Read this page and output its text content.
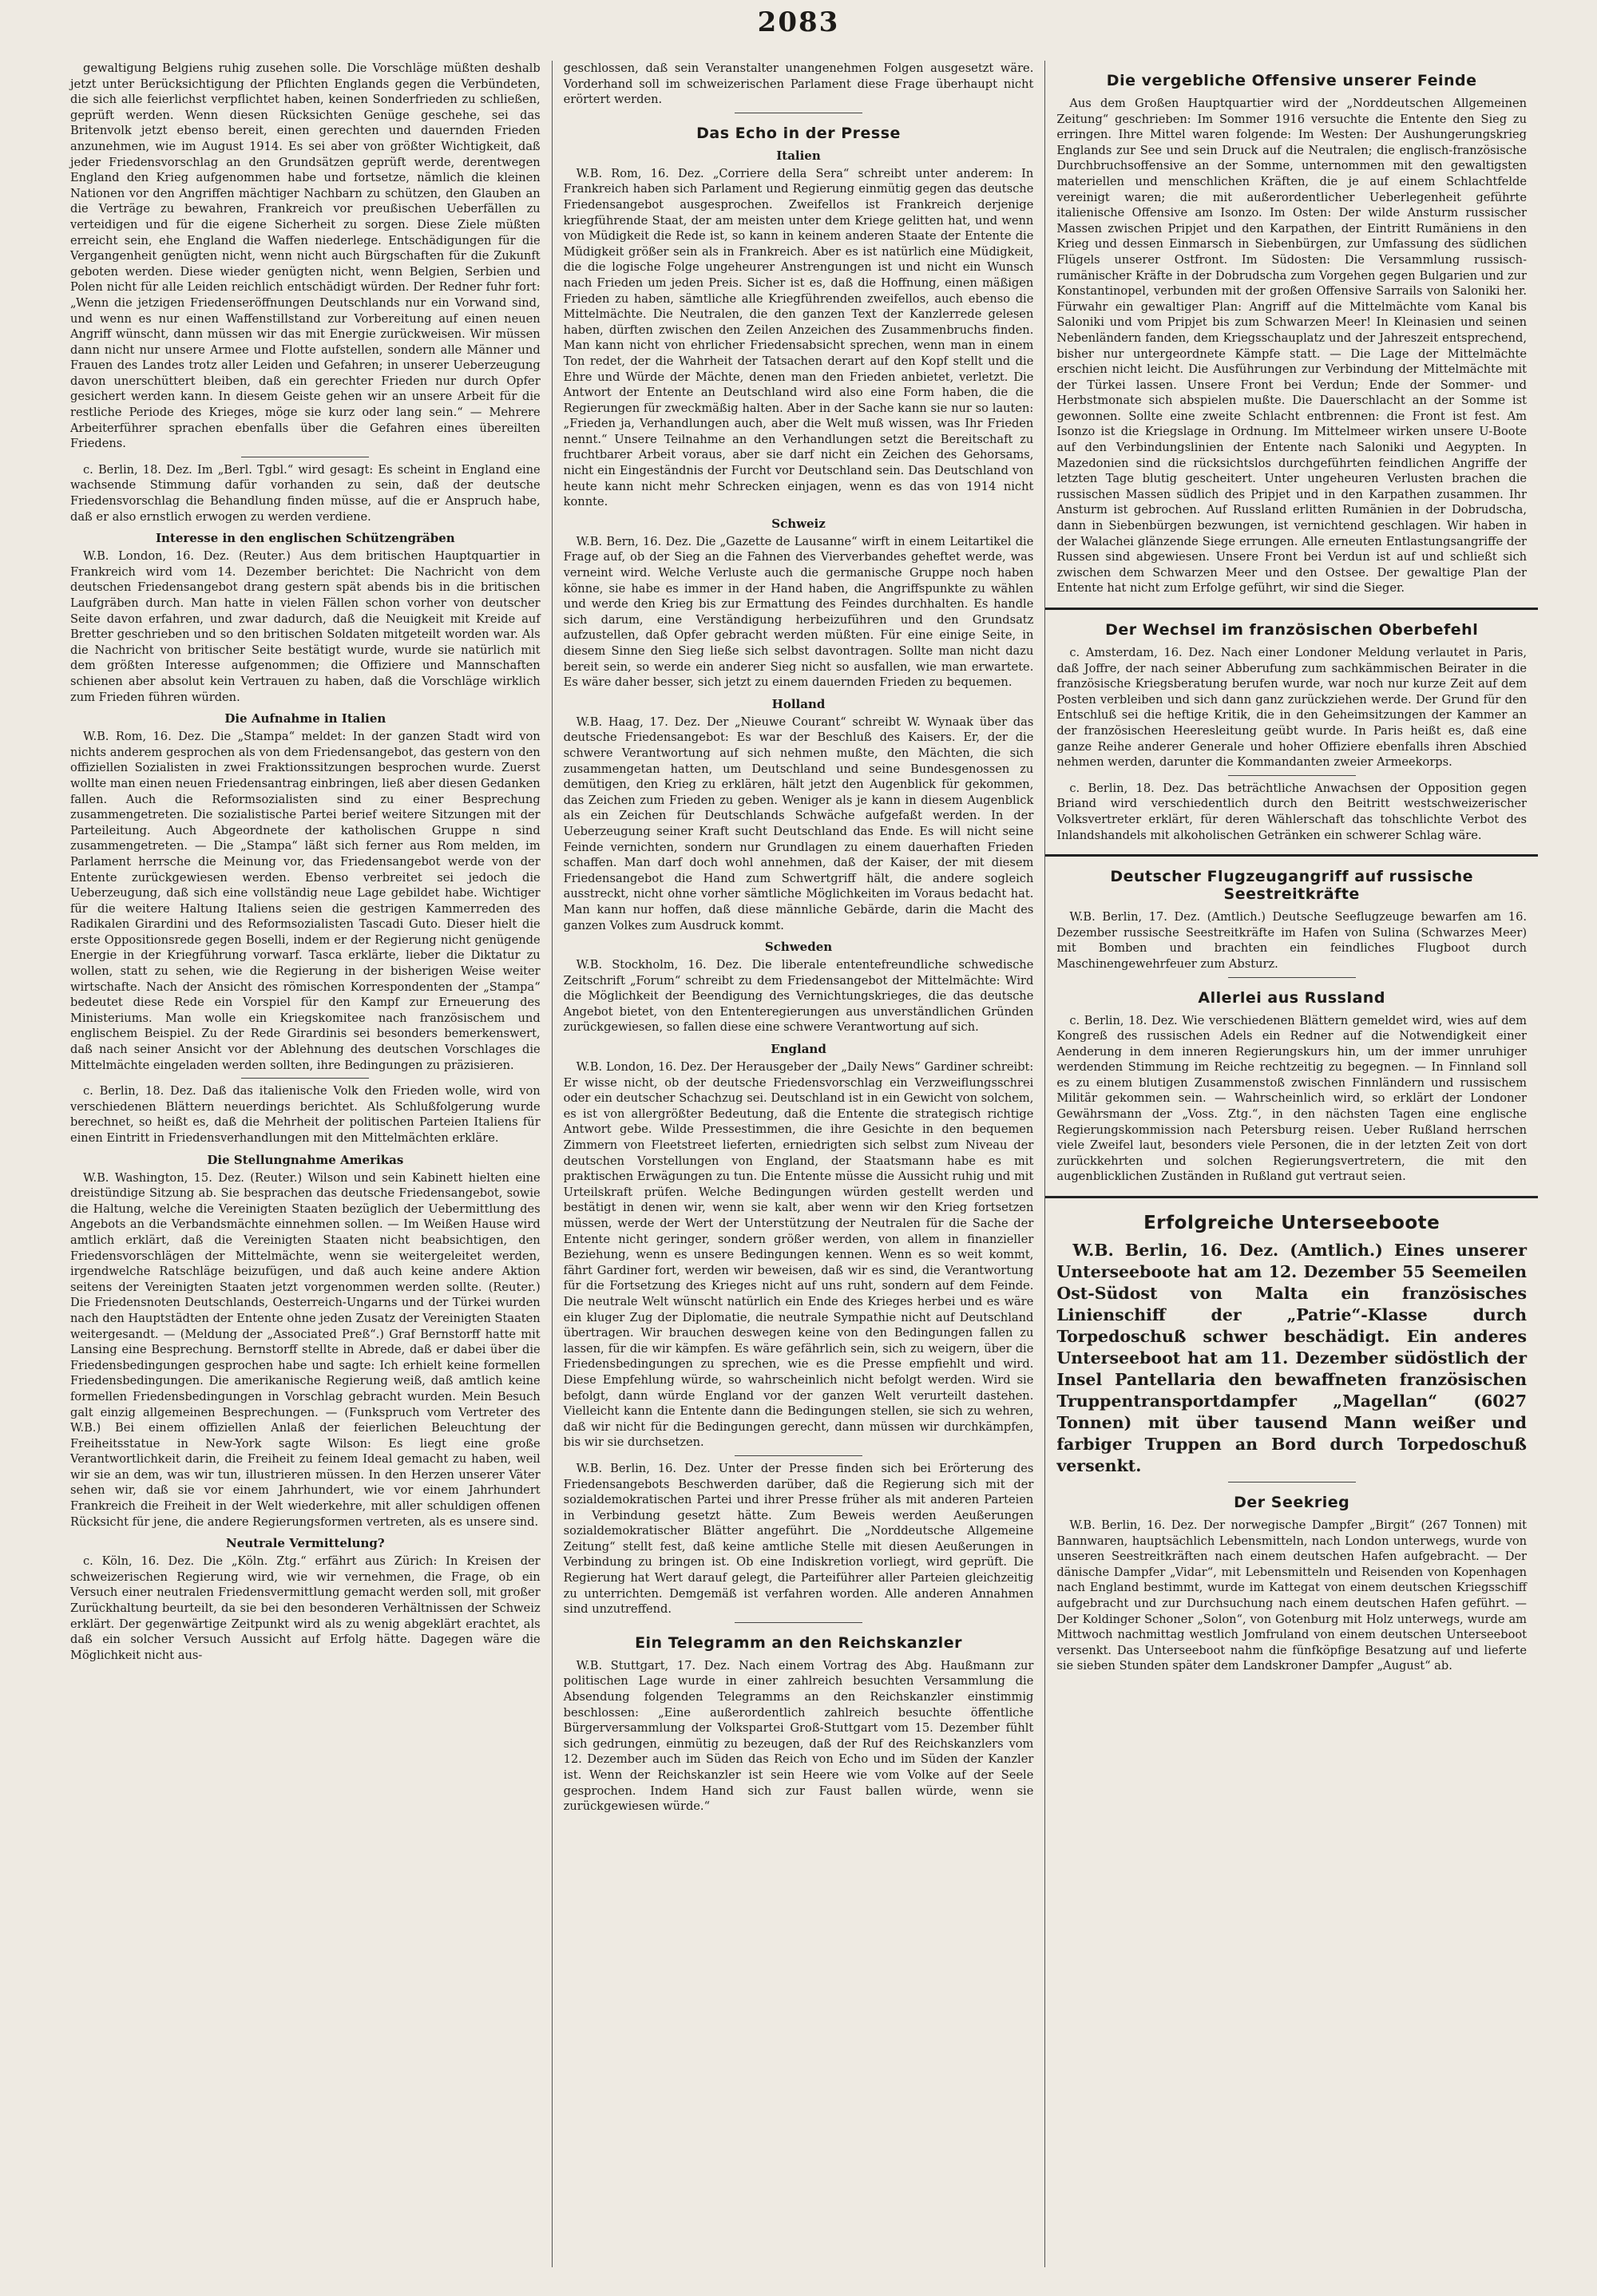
2083

gewaltigung Belgiens ruhig zusehen solle. Die Vorschläge müßten deshalb jetzt unter Berücksichtigung der Pflichten Englands gegen die Verbündeten, die sich alle feierlichst verpflichtet haben, keinen Sonderfrieden zu schließen, geprüft werden. Wenn diesen Rücksichten Genüge geschehe, sei das Britenvolk jetzt ebenso bereit, einen gerechten und dauernden Frieden anzunehmen, wie im August 1914. Es sei aber von größter Wichtigkeit, daß jeder Friedensvorschlag an den Grundsätzen geprüft werde, derentwegen England den Krieg aufgenommen habe und fortsetze, nämlich die kleinen Nationen vor den Angriffen mächtiger Nachbarn zu schützen, den Glauben an die Verträge zu bewahren, Frankreich vor preußischen Ueberfällen zu verteidigen und für die eigene Sicherheit zu sorgen. Diese Ziele müßten erreicht sein, ehe England die Waffen niederlege. Entschädigungen für die Vergangenheit genügten nicht, wenn nicht auch Bürgschaften für die Zukunft geboten werden. Diese wieder genügten nicht, wenn Belgien, Serbien und Polen nicht für alle Leiden reichlich entschädigt würden. Der Redner fuhr fort: „Wenn die jetzigen Friedenseröffnungen Deutschlands nur ein Vorwand sind, und wenn es nur einen Waffenstillstand zur Vorbereitung auf einen neuen Angriff wünscht, dann müssen wir das mit Energie zurückweisen. Wir müssen dann nicht nur unsere Armee und Flotte aufstellen, sondern alle Männer und Frauen des Landes trotz aller Leiden und Gefahren; in unserer Ueberzeugung davon unerschüttert bleiben, daß ein gerechter Frieden nur durch Opfer gesichert werden kann. In diesem Geiste gehen wir an unsere Arbeit für die restliche Periode des Krieges, möge sie kurz oder lang sein.“ — Mehrere Arbeiterführer sprachen ebenfalls über die Gefahren eines übereilten Friedens.

c. Berlin, 18. Dez. Im „Berl. Tgbl.“ wird gesagt: Es scheint in England eine wachsende Stimmung dafür vorhanden zu sein, daß der deutsche Friedensvorschlag die Behandlung finden müsse, auf die er Anspruch habe, daß er also ernstlich erwogen zu werden verdiene.

Interesse in den englischen Schützengräben

W.B. London, 16. Dez. (Reuter.) Aus dem britischen Hauptquartier in Frankreich wird vom 14. Dezember berichtet: Die Nachricht von dem deutschen Friedensangebot drang gestern spät abends bis in die britischen Laufgräben durch. Man hatte in vielen Fällen schon vorher von deutscher Seite davon erfahren, und zwar dadurch, daß die Neuigkeit mit Kreide auf Bretter geschrieben und so den britischen Soldaten mitgeteilt worden war. Als die Nachricht von britischer Seite bestätigt wurde, wurde sie natürlich mit dem größten Interesse aufgenommen; die Offiziere und Mannschaften schienen aber absolut kein Vertrauen zu haben, daß die Vorschläge wirklich zum Frieden führen würden.

Die Aufnahme in Italien

W.B. Rom, 16. Dez. Die „Stampa“ meldet: In der ganzen Stadt wird von nichts anderem gesprochen als von dem Friedensangebot, das gestern von den offiziellen Sozialisten in zwei Fraktionssitzungen besprochen wurde. Zuerst wollte man einen neuen Friedensantrag einbringen, ließ aber diesen Gedanken fallen. Auch die Reformsozialisten sind zu einer Besprechung zusammengetreten. Die sozialistische Partei berief weitere Sitzungen mit der Parteileitung. Auch Abgeordnete der katholischen Gruppe n sind zusammengetreten. — Die „Stampa“ läßt sich ferner aus Rom melden, im Parlament herrsche die Meinung vor, das Friedensangebot werde von der Entente zurückgewiesen werden. Ebenso verbreitet sei jedoch die Ueberzeugung, daß sich eine vollständig neue Lage gebildet habe. Wichtiger für die weitere Haltung Italiens seien die gestrigen Kammerreden des Radikalen Girardini und des Reformsozialisten Tascadi Guto. Dieser hielt die erste Oppositionsrede gegen Boselli, indem er der Regierung nicht genügende Energie in der Kriegführung vorwarf. Tasca erklärte, lieber die Diktatur zu wollen, statt zu sehen, wie die Regierung in der bisherigen Weise weiter wirtschafte. Nach der Ansicht des römischen Korrespondenten der „Stampa“ bedeutet diese Rede ein Vorspiel für den Kampf zur Erneuerung des Ministeriums. Man wolle ein Kriegskomitee nach französischem und englischem Beispiel. Zu der Rede Girardinis sei besonders bemerkenswert, daß nach seiner Ansicht vor der Ablehnung des deutschen Vorschlages die Mittelmächte eingeladen werden sollten, ihre Bedingungen zu präzisieren.

c. Berlin, 18. Dez. Daß das italienische Volk den Frieden wolle, wird von verschiedenen Blättern neuerdings berichtet. Als Schlußfolgerung wurde berechnet, so heißt es, daß die Mehrheit der politischen Parteien Italiens für einen Eintritt in Friedensverhandlungen mit den Mittelmächten erkläre.

Die Stellungnahme Amerikas

W.B. Washington, 15. Dez. (Reuter.) Wilson und sein Kabinett hielten eine dreistündige Sitzung ab. Sie besprachen das deutsche Friedensangebot, sowie die Haltung, welche die Vereinigten Staaten bezüglich der Uebermittlung des Angebots an die Verbandsmächte einnehmen sollen. — Im Weißen Hause wird amtlich erklärt, daß die Vereinigten Staaten nicht beabsichtigen, den Friedensvorschlägen der Mittelmächte, wenn sie weitergeleitet werden, irgendwelche Ratschläge beizufügen, und daß auch keine andere Aktion seitens der Vereinigten Staaten jetzt vorgenommen werden sollte. (Reuter.) Die Friedensnoten Deutschlands, Oesterreich-Ungarns und der Türkei wurden nach den Hauptstädten der Entente ohne jeden Zusatz der Vereinigten Staaten weitergesandt. — (Meldung der „Associated Preß“.) Graf Bernstorff hatte mit Lansing eine Besprechung. Bernstorff stellte in Abrede, daß er dabei über die Friedensbedingungen gesprochen habe und sagte: Ich erhielt keine formellen Friedensbedingungen. Die amerikanische Regierung weiß, daß amtlich keine formellen Friedensbedingungen in Vorschlag gebracht wurden. Mein Besuch galt einzig allgemeinen Besprechungen. — (Funkspruch vom Vertreter des W.B.) Bei einem offiziellen Anlaß der feierlichen Beleuchtung der Freiheitsstatue in New-York sagte Wilson: Es liegt eine große Verantwortlichkeit darin, die Freiheit zu feinem Ideal gemacht zu haben, weil wir sie an dem, was wir tun, illustrieren müssen. In den Herzen unserer Väter sehen wir, daß sie vor einem Jahrhundert, wie vor einem Jahrhundert Frankreich die Freiheit in der Welt wiederkehre, mit aller schuldigen offenen Rücksicht für jene, die andere Regierungsformen vertreten, als es unsere sind.

Neutrale Vermittelung?

c. Köln, 16. Dez. Die „Köln. Ztg.“ erfährt aus Zürich: In Kreisen der schweizerischen Regierung wird, wie wir vernehmen, die Frage, ob ein Versuch einer neutralen Friedensvermittlung gemacht werden soll, mit großer Zurückhaltung beurteilt, da sie bei den besonderen Verhältnissen der Schweiz erklärt. Der gegenwärtige Zeitpunkt wird als zu wenig abgeklärt erachtet, als daß ein solcher Versuch Aussicht auf Erfolg hätte. Dagegen wäre die Möglichkeit nicht aus-

geschlossen, daß sein Veranstalter unangenehmen Folgen ausgesetzt wäre. Vorderhand soll im schweizerischen Parlament diese Frage überhaupt nicht erörtert werden.

Das Echo in der Presse
Italien

W.B. Rom, 16. Dez. „Corriere della Sera“ schreibt unter anderem: In Frankreich haben sich Parlament und Regierung einmütig gegen das deutsche Friedensangebot ausgesprochen. Zweifellos ist Frankreich derjenige kriegführende Staat, der am meisten unter dem Kriege gelitten hat, und wenn von Müdigkeit die Rede ist, so kann in keinem anderen Staate der Entente die Müdigkeit größer sein als in Frankreich. Aber es ist natürlich eine Müdigkeit, die die logische Folge ungeheurer Anstrengungen ist und nicht ein Wunsch nach Frieden um jeden Preis. Sicher ist es, daß die Hoffnung, einen mäßigen Frieden zu haben, sämtliche alle Kriegführenden zweifellos, auch ebenso die Mittelmächte. Die Neutralen, die den ganzen Text der Kanzlerrede gelesen haben, dürften zwischen den Zeilen Anzeichen des Zusammenbruchs finden. Man kann nicht von ehrlicher Friedensabsicht sprechen, wenn man in einem Ton redet, der die Wahrheit der Tatsachen derart auf den Kopf stellt und die Ehre und Würde der Mächte, denen man den Frieden anbietet, verletzt. Die Antwort der Entente an Deutschland wird also eine Form haben, die die Regierungen für zweckmäßig halten. Aber in der Sache kann sie nur so lauten: „Frieden ja, Verhandlungen auch, aber die Welt muß wissen, was Ihr Frieden nennt.“ Unsere Teilnahme an den Verhandlungen setzt die Bereitschaft zu fruchtbarer Arbeit voraus, aber sie darf nicht ein Zeichen des Gehorsams, nicht ein Eingeständnis der Furcht vor Deutschland sein. Das Deutschland von heute kann nicht mehr Schrecken einjagen, wenn es das von 1914 nicht konnte.

Schweiz

W.B. Bern, 16. Dez. Die „Gazette de Lausanne“ wirft in einem Leitartikel die Frage auf, ob der Sieg an die Fahnen des Vierverbandes geheftet werde, was verneint wird. Welche Verluste auch die germanische Gruppe noch haben könne, sie habe es immer in der Hand haben, die Angriffspunkte zu wählen und werde den Krieg bis zur Ermattung des Feindes durchhalten. Es handle sich darum, eine Verständigung herbeizuführen und den Grundsatz aufzustellen, daß Opfer gebracht werden müßten. Für eine einige Seite, in diesem Sinne den Sieg ließe sich selbst davontragen. Sollte man nicht dazu bereit sein, so werde ein anderer Sieg nicht so ausfallen, wie man erwartete. Es wäre daher besser, sich jetzt zu einem dauernden Frieden zu bequemen.

Holland

W.B. Haag, 17. Dez. Der „Nieuwe Courant“ schreibt W. Wynaak über das deutsche Friedensangebot: Es war der Beschluß des Kaisers. Er, der die schwere Verantwortung auf sich nehmen mußte, den Mächten, die sich zusammengetan hatten, um Deutschland und seine Bundesgenossen zu demütigen, den Krieg zu erklären, hält jetzt den Augenblick für gekommen, das Zeichen zum Frieden zu geben. Weniger als je kann in diesem Augenblick als ein Zeichen für Deutschlands Schwäche aufgefaßt werden. In der Ueberzeugung seiner Kraft sucht Deutschland das Ende. Es will nicht seine Feinde vernichten, sondern nur Grundlagen zu einem dauerhaften Frieden schaffen. Man darf doch wohl annehmen, daß der Kaiser, der mit diesem Friedensangebot die Hand zum Schwertgriff hält, die andere sogleich ausstreckt, nicht ohne vorher sämtliche Möglichkeiten im Voraus bedacht hat. Man kann nur hoffen, daß diese männliche Gebärde, darin die Macht des ganzen Volkes zum Ausdruck kommt.

Schweden

W.B. Stockholm, 16. Dez. Die liberale ententefreundliche schwedische Zeitschrift „Forum“ schreibt zu dem Friedensangebot der Mittelmächte: Wird die Möglichkeit der Beendigung des Vernichtungskrieges, die das deutsche Angebot bietet, von den Ententeregierungen aus unverständlichen Gründen zurückgewiesen, so fallen diese eine schwere Verantwortung auf sich.

England

W.B. London, 16. Dez. Der Herausgeber der „Daily News“ Gardiner schreibt: Er wisse nicht, ob der deutsche Friedensvorschlag ein Verzweiflungsschrei oder ein deutscher Schachzug sei. Deutschland ist in ein Gewicht von solchem, es ist von allergrößter Bedeutung, daß die Entente die strategisch richtige Antwort gebe. Wilde Pressestimmen, die ihre Gesichte in den bequemen Zimmern von Fleetstreet lieferten, erniedrigten sich selbst zum Niveau der deutschen Vorstellungen von England, der Staatsmann habe es mit praktischen Erwägungen zu tun. Die Entente müsse die Aussicht ruhig und mit Urteilskraft prüfen. Welche Bedingungen würden gestellt werden und bestätigt in denen wir, wenn sie kalt, aber wenn wir den Krieg fortsetzen müssen, werde der Wert der Unterstützung der Neutralen für die Sache der Entente nicht geringer, sondern größer werden, von allem in finanzieller Beziehung, wenn es unsere Bedingungen kennen. Wenn es so weit kommt, fährt Gardiner fort, werden wir beweisen, daß wir es sind, die Verantwortung für die Fortsetzung des Krieges nicht auf uns ruht, sondern auf dem Feinde. Die neutrale Welt wünscht natürlich ein Ende des Krieges herbei und es wäre ein kluger Zug der Diplomatie, die neutrale Sympathie nicht auf Deutschland übertragen. Wir brauchen deswegen keine von den Bedingungen fallen zu lassen, für die wir kämpfen. Es wäre gefährlich sein, sich zu weigern, über die Friedensbedingungen zu sprechen, wie es die Presse empfiehlt und wird. Diese Empfehlung würde, so wahrscheinlich nicht befolgt werden. Wird sie befolgt, dann würde England vor der ganzen Welt verurteilt dastehen. Vielleicht kann die Entente dann die Bedingungen stellen, sie sich zu wehren, daß wir nicht für die Bedingungen gerecht, dann müssen wir durchkämpfen, bis wir sie durchsetzen.

W.B. Berlin, 16. Dez. Unter der Presse finden sich bei Erörterung des Friedensangebots Beschwerden darüber, daß die Regierung sich mit der sozialdemokratischen Partei und ihrer Presse früher als mit anderen Parteien in Verbindung gesetzt hätte. Zum Beweis werden Aeußerungen sozialdemokratischer Blätter angeführt. Die „Norddeutsche Allgemeine Zeitung“ stellt fest, daß keine amtliche Stelle mit diesen Aeußerungen in Verbindung zu bringen ist. Ob eine Indiskretion vorliegt, wird geprüft. Die Regierung hat Wert darauf gelegt, die Parteiführer aller Parteien gleichzeitig zu unterrichten. Demgemäß ist verfahren worden. Alle anderen Annahmen sind unzutreffend.

Ein Telegramm an den Reichskanzler

W.B. Stuttgart, 17. Dez. Nach einem Vortrag des Abg. Haußmann zur politischen Lage wurde in einer zahlreich besuchten Versammlung die Absendung folgenden Telegramms an den Reichskanzler einstimmig beschlossen: „Eine außerordentlich zahlreich besuchte öffentliche Bürgerversammlung der Volkspartei Groß-Stuttgart vom 15. Dezember fühlt sich gedrungen, einmütig zu bezeugen, daß der Ruf des Reichskanzlers vom 12. Dezember auch im Süden das Reich von Echo und im Süden der Kanzler ist. Wenn der Reichskanzler ist sein Heere wie vom Volke auf der Seele gesprochen. Indem Hand sich zur Faust ballen würde, wenn sie zurückgewiesen würde.“

Die vergebliche Offensive unserer Feinde

Aus dem Großen Hauptquartier wird der „Norddeutschen Allgemeinen Zeitung“ geschrieben: Im Sommer 1916 versuchte die Entente den Sieg zu erringen. Ihre Mittel waren folgende: Im Westen: Der Aushungerungskrieg Englands zur See und sein Druck auf die Neutralen; die englisch-französische Durchbruchsoffensive an der Somme, unternommen mit den gewaltigsten materiellen und menschlichen Kräften, die je auf einem Schlachtfelde vereinigt waren; die mit außerordentlicher Ueberlegenheit geführte italienische Offensive am Isonzo. Im Osten: Der wilde Ansturm russischer Massen zwischen Pripjet und den Karpathen, der Eintritt Rumäniens in den Krieg und dessen Einmarsch in Siebenbürgen, zur Umfassung des südlichen Flügels unserer Ostfront. Im Südosten: Die Versammlung russisch-rumänischer Kräfte in der Dobrudscha zum Vorgehen gegen Bulgarien und zur Konstantinopel, verbunden mit der großen Offensive Sarrails von Saloniki her. Fürwahr ein gewaltiger Plan: Angriff auf die Mittelmächte vom Kanal bis Saloniki und vom Pripjet bis zum Schwarzen Meer! In Kleinasien und seinen Nebenländern fanden, dem Kriegsschauplatz und der Jahreszeit entsprechend, bisher nur untergeordnete Kämpfe statt. — Die Lage der Mittelmächte erschien nicht leicht. Die Ausführungen zur Verbindung der Mittelmächte mit der Türkei lassen. Unsere Front bei Verdun; Ende der Sommer- und Herbstmonate sich abspielen mußte. Die Dauerschlacht an der Somme ist gewonnen. Sollte eine zweite Schlacht entbrennen: die Front ist fest. Am Isonzo ist die Kriegslage in Ordnung. Im Mittelmeer wirken unsere U-Boote auf den Verbindungslinien der Entente nach Saloniki und Aegypten. In Mazedonien sind die rücksichtslos durchgeführten feindlichen Angriffe der letzten Tage blutig gescheitert. Unter ungeheuren Verlusten brachen die russischen Massen südlich des Pripjet und in den Karpathen zusammen. Ihr Ansturm ist gebrochen. Auf Russland erlitten Rumänien in der Dobrudscha, dann in Siebenbürgen bezwungen, ist vernichtend geschlagen. Wir haben in der Walachei glänzende Siege errungen. Alle erneuten Entlastungsangriffe der Russen sind abgewiesen. Unsere Front bei Verdun ist auf und schließt sich zwischen dem Schwarzen Meer und den Ostsee. Der gewaltige Plan der Entente hat nicht zum Erfolge geführt, wir sind die Sieger.

Der Wechsel im französischen Oberbefehl

c. Amsterdam, 16. Dez. Nach einer Londoner Meldung verlautet in Paris, daß Joffre, der nach seiner Abberufung zum sachkämmischen Beirater in die französische Kriegsberatung berufen wurde, war noch nur kurze Zeit auf dem Posten verbleiben und sich dann ganz zurückziehen werde. Der Grund für den Entschluß sei die heftige Kritik, die in den Geheimsitzungen der Kammer an der französischen Heeresleitung geübt wurde. In Paris heißt es, daß eine ganze Reihe anderer Generale und hoher Offiziere ebenfalls ihren Abschied nehmen werden, darunter die Kommandanten zweier Armeekorps.

c. Berlin, 18. Dez. Das beträchtliche Anwachsen der Opposition gegen Briand wird verschiedentlich durch den Beitritt westschweizerischer Volksvertreter erklärt, für deren Wählerschaft das tohschlichte Verbot des Inlandshandels mit alkoholischen Getränken ein schwerer Schlag wäre.

Deutscher Flugzeugangriff auf russische Seestreitkräfte

W.B. Berlin, 17. Dez. (Amtlich.) Deutsche Seeflugzeuge bewarfen am 16. Dezember russische Seestreitkräfte im Hafen von Sulina (Schwarzes Meer) mit Bomben und brachten ein feindliches Flugboot durch Maschinengewehrfeuer zum Absturz.

Allerlei aus Russland

c. Berlin, 18. Dez. Wie verschiedenen Blättern gemeldet wird, wies auf dem Kongreß des russischen Adels ein Redner auf die Notwendigkeit einer Aenderung in dem inneren Regierungskurs hin, um der immer unruhiger werdenden Stimmung im Reiche rechtzeitig zu begegnen. — In Finnland soll es zu einem blutigen Zusammenstoß zwischen Finnländern und russischem Militär gekommen sein. — Wahrscheinlich wird, so erklärt der Londoner Gewährsmann der „Voss. Ztg.“, in den nächsten Tagen eine englische Regierungskommission nach Petersburg reisen. Ueber Rußland herrschen viele Zweifel laut, besonders viele Personen, die in der letzten Zeit von dort zurückkehrten und solchen Regierungsvertretern, die mit den augenblicklichen Zuständen in Rußland gut vertraut seien.

Erfolgreiche Unterseeboote

W.B. Berlin, 16. Dez. (Amtlich.) Eines unserer Unterseeboote hat am 12. Dezember 55 Seemeilen Ost-Südost von Malta ein französisches Linienschiff der „Patrie“-Klasse durch Torpedoschuß schwer beschädigt. Ein anderes Unterseeboot hat am 11. Dezember südöstlich der Insel Pantellaria den bewaffneten französischen Truppentransportdampfer „Magellan“ (6027 Tonnen) mit über tausend Mann weißer und farbiger Truppen an Bord durch Torpedoschuß versenkt.

Der Seekrieg

W.B. Berlin, 16. Dez. Der norwegische Dampfer „Birgit“ (267 Tonnen) mit Bannwaren, hauptsächlich Lebensmitteln, nach London unterwegs, wurde von unseren Seestreitkräften nach einem deutschen Hafen aufgebracht. — Der dänische Dampfer „Vidar“, mit Lebensmitteln und Reisenden von Kopenhagen nach England bestimmt, wurde im Kattegat von einem deutschen Kriegsschiff aufgebracht und zur Durchsuchung nach einem deutschen Hafen geführt. — Der Koldinger Schoner „Solon“, von Gotenburg mit Holz unterwegs, wurde am Mittwoch nachmittag westlich Jomfruland von einem deutschen Unterseeboot versenkt. Das Unterseeboot nahm die fünfköpfige Besatzung auf und lieferte sie sieben Stunden später dem Landskroner Dampfer „August“ ab.
